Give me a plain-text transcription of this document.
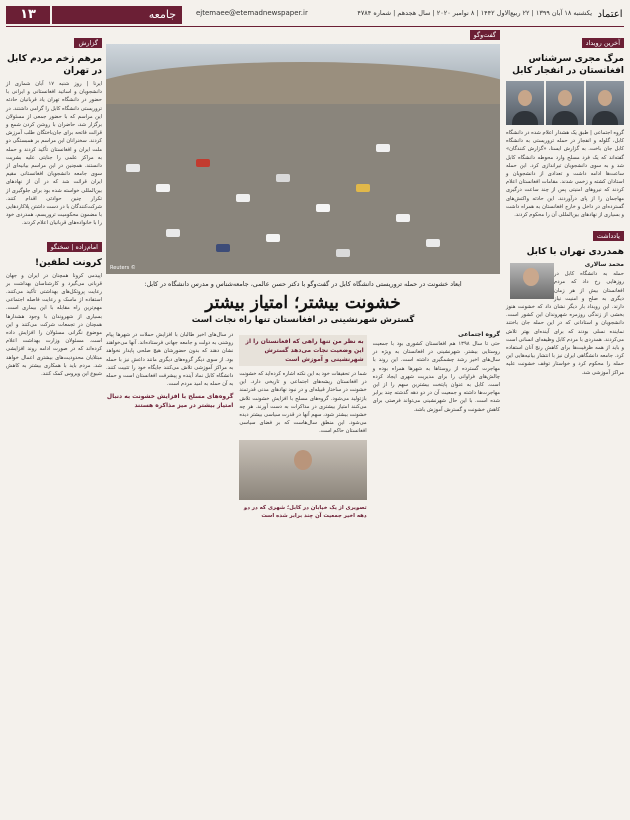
اعتماد
یکشنبه ۱۸ آبان ۱۳۹۹ | ۲۲ ربیع‌الاول ۱۴۴۲ | ۸ نوامبر ۲۰۲۰ | سال هجدهم | شماره ۴۷۸۴
ejtemaee@etemadnewspaper.ir
جامعه
۱۳
آخرین رویداد
مرگ مجری سرشناس افغانستان در انفجار کابل

گروه اجتماعی | طبق یک هشدار اعلام شده در دانشگاه کابل، گلوله و انفجار در حمله تروریستی به دانشگاه کابل جان باخت. به گزارش ایسنا، «گزارش کنندگان» گفته‌اند که یک فرد مسلح وارد محوطه دانشگاه کابل شد و به سوی دانشجویان تیراندازی کرد. این حمله ساعت‌ها ادامه داشت و تعدادی از دانشجویان و استادان کشته و زخمی شدند. مقامات افغانستان اعلام کردند که نیروهای امنیتی پس از چند ساعت درگیری مهاجمان را از پای درآوردند. این حادثه واکنش‌های گسترده‌ای در داخل و خارج افغانستان به همراه داشت و بسیاری از نهادهای بین‌المللی آن را محکوم کردند.

یادداشت
همدردی تهران با کابل

محمد سالاری

حمله به دانشگاه کابل در روزهایی رخ داد که مردم افغانستان بیش از هر زمان دیگری به صلح و امنیت نیاز دارند. این رویداد بار دیگر نشان داد که خشونت هنوز بخشی از زندگی روزمره شهروندان این کشور است. دانشجویان و استادانی که در این حمله جان باختند نماینده نسلی بودند که برای آینده‌ای بهتر تلاش می‌کردند. همدردی با مردم کابل وظیفه‌ای انسانی است و باید از همه ظرفیت‌ها برای کاهش رنج آنان استفاده کرد. جامعه دانشگاهی ایران نیز با انتشار بیانیه‌هایی این حمله را محکوم کرد و خواستار توقف خشونت علیه مراکز آموزشی شد.

گفت‌وگو
© Reuters

ابعاد خشونت در حمله تروریستی دانشگاه کابل در گفت‌وگو با دکتر حسن عالمی، جامعه‌شناس و مدرس دانشگاه در کابل:

خشونت بیشتر؛ امتیاز بیشتر
گسترش شهرنشینی در افغانستان تنها راه نجات است

گروه اجتماعی

حتی تا سال ۱۳۹۸ هم افغانستان کشوری بود با جمعیت روستایی بیشتر. شهرنشینی در افغانستان به ویژه در سال‌های اخیر رشد چشمگیری داشته است. این روند با مهاجرت گسترده از روستاها به شهرها همراه بوده و چالش‌های فراوانی را برای مدیریت شهری ایجاد کرده است. کابل به عنوان پایتخت بیشترین سهم را از این مهاجرت‌ها داشته و جمعیت آن در دو دهه گذشته چند برابر شده است. با این حال شهرنشینی می‌تواند فرصتی برای کاهش خشونت و گسترش آموزش باشد.

به نظر من تنها راهی که افغانستان را از این وضعیت نجات می‌دهد گسترش شهرنشینی و آموزش است

شما در تحقیقات خود به این نکته اشاره کرده‌اید که خشونت در افغانستان ریشه‌های اجتماعی و تاریخی دارد. این خشونت در ساختار قبیله‌ای و در نبود نهادهای مدنی قدرتمند بازتولید می‌شود. گروه‌های مسلح با افزایش خشونت تلاش می‌کنند امتیاز بیشتری در مذاکرات به دست آورند. هر چه خشونت بیشتر شود، سهم آنها در قدرت سیاسی بیشتر دیده می‌شود. این منطق سال‌هاست که بر فضای سیاسی افغانستان حاکم است.

تصویری از یک خیابان در کابل؛ شهری که در دو دهه اخیر جمعیت آن چند برابر شده است

در سال‌های اخیر طالبان با افزایش حملات در شهرها پیام روشنی به دولت و جامعه جهانی فرستاده‌اند. آنها می‌خواهند نشان دهند که بدون حضورشان هیچ صلحی پایدار نخواهد بود. از سوی دیگر گروه‌های دیگری مانند داعش نیز با حمله به مراکز آموزشی تلاش می‌کنند جایگاه خود را تثبیت کنند. دانشگاه کابل نماد آینده و پیشرفت افغانستان است و حمله به آن حمله به امید مردم است.

گروه‌های مسلح با افزایش خشونت به دنبال امتیاز بیشتر در میز مذاکره هستند

گزارش
مرهم زخم مردم کابل در تهران

ایرنا | روز شنبه ۱۷ آبان شماری از دانشجویان و اساتید افغانستانی و ایرانی با حضور در دانشگاه تهران یاد قربانیان حادثه تروریستی دانشگاه کابل را گرامی داشتند. در این مراسم که با حضور جمعی از مسئولان برگزار شد، حاضران با روشن کردن شمع و قرائت فاتحه برای جان‌باختگان طلب آمرزش کردند. سخنرانان این مراسم بر همبستگی دو ملت ایران و افغانستان تأکید کردند و حمله به مراکز علمی را جنایتی علیه بشریت دانستند. همچنین در این مراسم بیانیه‌ای از سوی جامعه دانشجویان افغانستانی مقیم ایران قرائت شد که در آن از نهادهای بین‌المللی خواسته شده بود برای جلوگیری از تکرار چنین حوادثی اقدام کنند. شرکت‌کنندگان با در دست داشتن پلاکاردهایی با مضمون محکومیت تروریسم، همدردی خود را با خانواده‌های قربانیان اعلام کردند.

امام‌زاده | سخنگو
کرونت لطفین!

اپیدمی کرونا همچنان در ایران و جهان قربانی می‌گیرد و کارشناسان بهداشت بر رعایت پروتکل‌های بهداشتی تأکید می‌کنند. استفاده از ماسک و رعایت فاصله اجتماعی مهم‌ترین راه مقابله با این بیماری است. بسیاری از شهروندان با وجود هشدارها همچنان در تجمعات شرکت می‌کنند و این موضوع نگرانی مسئولان را افزایش داده است. مسئولان وزارت بهداشت اعلام کرده‌اند که در صورت ادامه روند افزایشی مبتلایان محدودیت‌های بیشتری اعمال خواهد شد. مردم باید با همکاری بیشتر به کاهش شیوع این ویروس کمک کنند.
